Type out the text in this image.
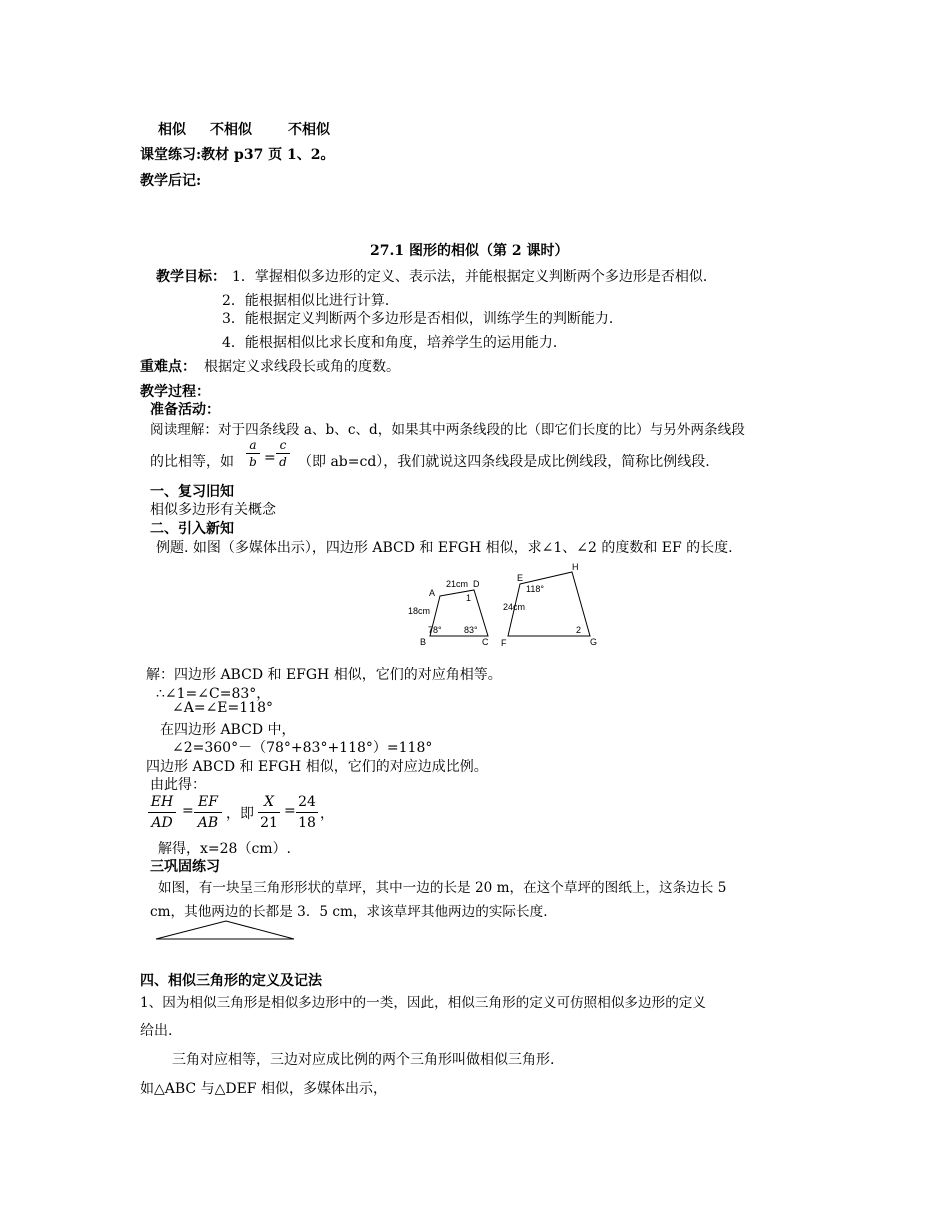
相似 不相似	不相似
课堂练习:教材 p37 页 1、2。
教学后记:
27.1 图形的相似（第 2 课时）
教学目标： 1．掌握相似多边形的定义、表示法，并能根据定义判断两个多边形是否相似．
2．能根据相似比进行计算．
3．能根据定义判断两个多边形是否相似，训练学生的判断能力．
4．能根据相似比求长度和角度，培养学生的运用能力．
重难点： 根据定义求线段长或角的度数。
教学过程：
准备活动：
阅读理解：对于四条线段 a、b、c、d，如果其中两条线段的比（即它们长度的比）与另外两条线段
的比相等，如
a
b =
c
d （即 ab=cd），我们就说这四条线段是成比例线段，简称比例线段.
一、复习旧知
相似多边形有关概念
二、引入新知
例题. 如图（多媒体出示），四边形 ABCD 和 EFGH 相似，求∠1、∠2 的度数和 EF 的长度.
A
21cm D
1
18cm
78° 83°
B	C
E
118°
H
24cm
2
F	G
解：四边形 ABCD 和 EFGH 相似，它们的对应角相等。
∴∠1=∠C=83°，
∠A=∠E=118°
在四边形 ABCD 中，
∠2=360°－（78°+83°+118°）=118°
四边形 ABCD 和 EFGH 相似，它们的对应边成比例。
由此得：
EH
AD
=
EF
AB
，即
X
21
=
24
18
，
解得，x=28（cm）.
三巩固练习
如图，有一块呈三角形形状的草坪，其中一边的长是 20 m，在这个草坪的图纸上，这条边长 5
cm，其他两边的长都是 3．5 cm，求该草坪其他两边的实际长度.
四、相似三角形的定义及记法
1、因为相似三角形是相似多边形中的一类，因此，相似三角形的定义可仿照相似多边形的定义
给出.
三角对应相等，三边对应成比例的两个三角形叫做相似三角形.
如△ABC 与△DEF 相似，多媒体出示，
